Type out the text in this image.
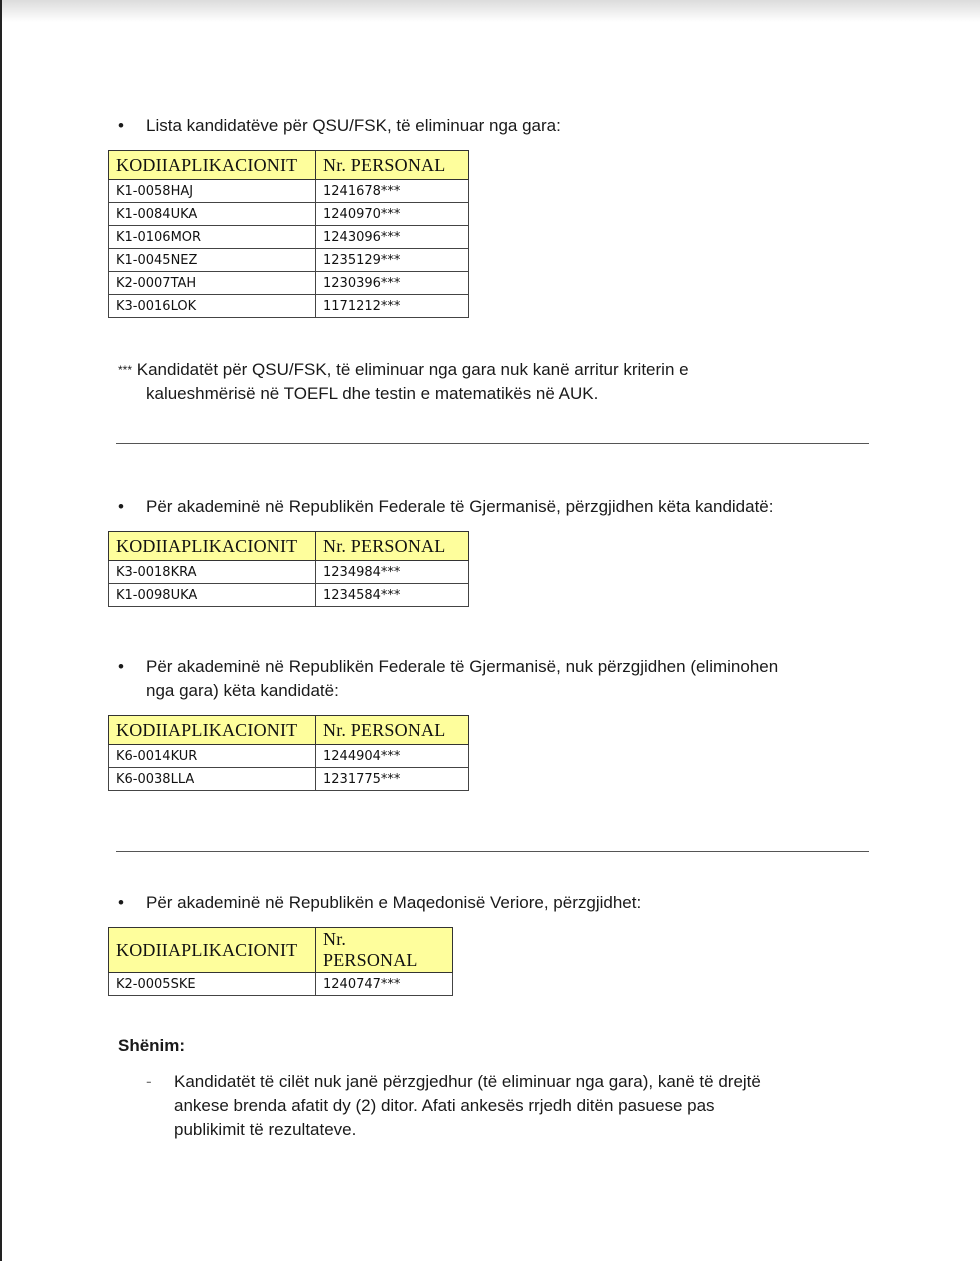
•	Lista kandidatëve për QSU/FSK, të eliminuar nga gara:
KODIIAPLIKACIONIT	Nr. PERSONAL
K1-0058HAJ	1241678***
K1-0084UKA	1240970***
K1-0106MOR	1243096***
K1-0045NEZ	1235129***
K2-0007TAH	1230396***
K3-0016LOK	1171212***
*** Kandidatët për QSU/FSK, të eliminuar nga gara nuk kanë arritur kriterin e
kalueshmërisë në TOEFL dhe testin e matematikës në AUK.
•	Për akademinë në Republikën Federale të Gjermanisë, përzgjidhen këta kandidatë:
KODIIAPLIKACIONIT	Nr. PERSONAL
K3-0018KRA	1234984***
K1-0098UKA	1234584***
•	Për akademinë në Republikën Federale të Gjermanisë, nuk përzgjidhen (eliminohen
nga gara) këta kandidatë:
KODIIAPLIKACIONIT	Nr. PERSONAL
K6-0014KUR	1244904***
K6-0038LLA	1231775***
•	Për akademinë në Republikën e Maqedonisë Veriore, përzgjidhet:
KODIIAPLIKACIONIT	Nr.
PERSONAL
K2-0005SKE	1240747***
Shënim:
- Kandidatët të cilët nuk janë përzgjedhur (të eliminuar nga gara), kanë të drejtë
ankese brenda afatit dy (2) ditor. Afati ankesës rrjedh ditën pasuese pas
publikimit të rezultateve.
